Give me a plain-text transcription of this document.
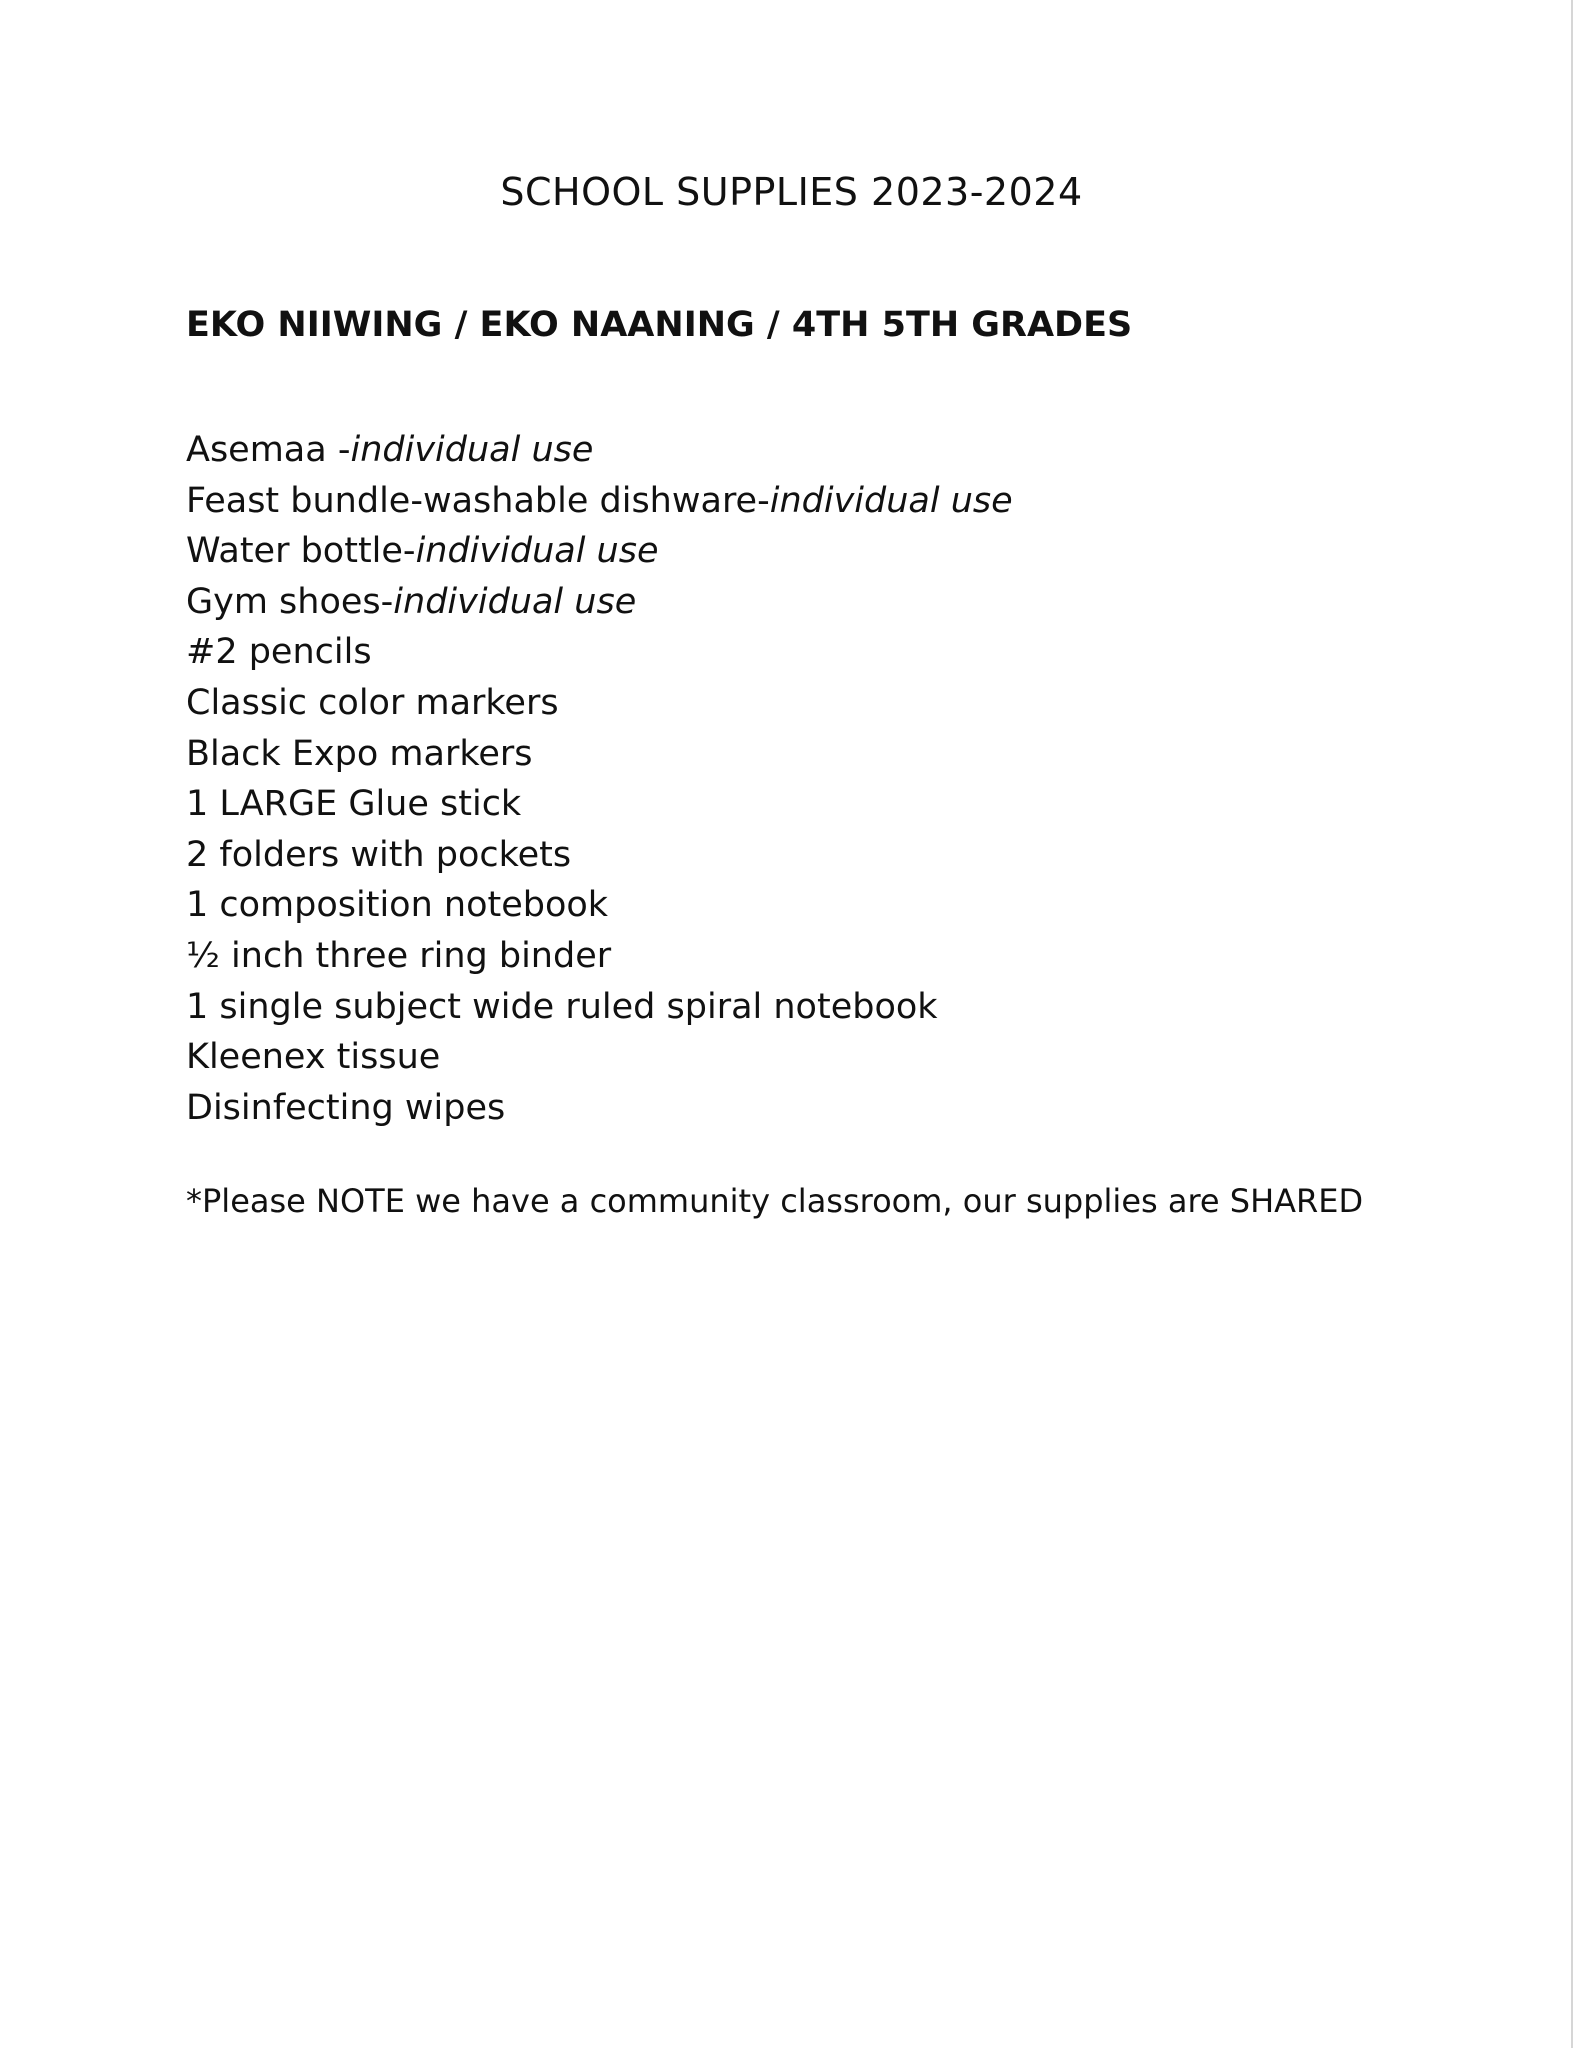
SCHOOL SUPPLIES 2023-2024
EKO NIIWING / EKO NAANING / 4TH 5TH GRADES
Asemaa -individual use
Feast bundle-washable dishware-individual use
Water bottle-individual use
Gym shoes-individual use
#2 pencils
Classic color markers
Black Expo markers
1 LARGE Glue stick
2 folders with pockets
1 composition notebook
½ inch three ring binder
1 single subject wide ruled spiral notebook
Kleenex tissue
Disinfecting wipes
*Please NOTE we have a community classroom, our supplies are SHARED
